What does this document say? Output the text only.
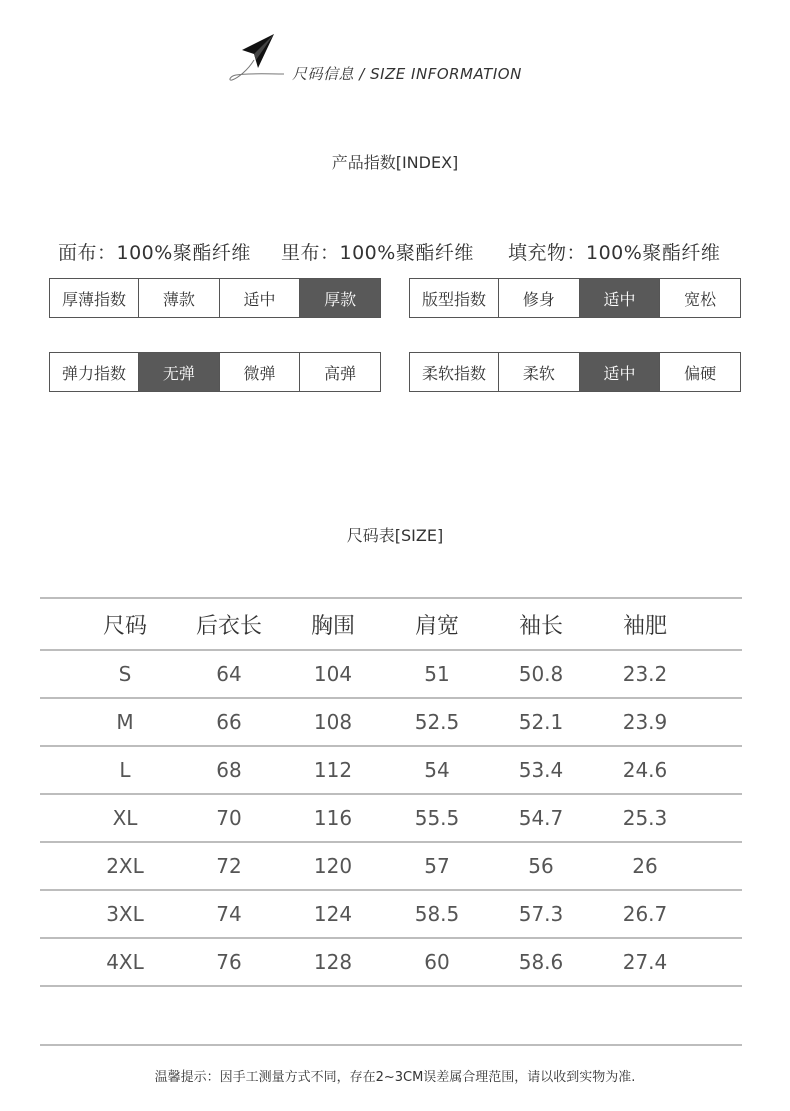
尺码信息 / SIZE INFORMATION
产品指数[INDEX]
面布：100%聚酯纤维 里布：100%聚酯纤维 填充物：100%聚酯纤维
厚薄指数	薄款	适中	厚款	版型指数	修身	适中	宽松
弹力指数	无弹	微弹	高弹	柔软指数	柔软	适中	偏硬
尺码表[SIZE]
尺码	后衣长	胸围	肩宽	袖长	袖肥
S	64	104	51	50.8	23.2
M	66	108	52.5	52.1	23.9
L	68	112	54	53.4	24.6
XL	70	116	55.5	54.7	25.3
2XL	72	120	57	56	26
3XL	74	124	58.5	57.3	26.7
4XL	76	128	60	58.6	27.4
温馨提示：因手工测量方式不同，存在2~3CM误差属合理范围，请以收到实物为准.
